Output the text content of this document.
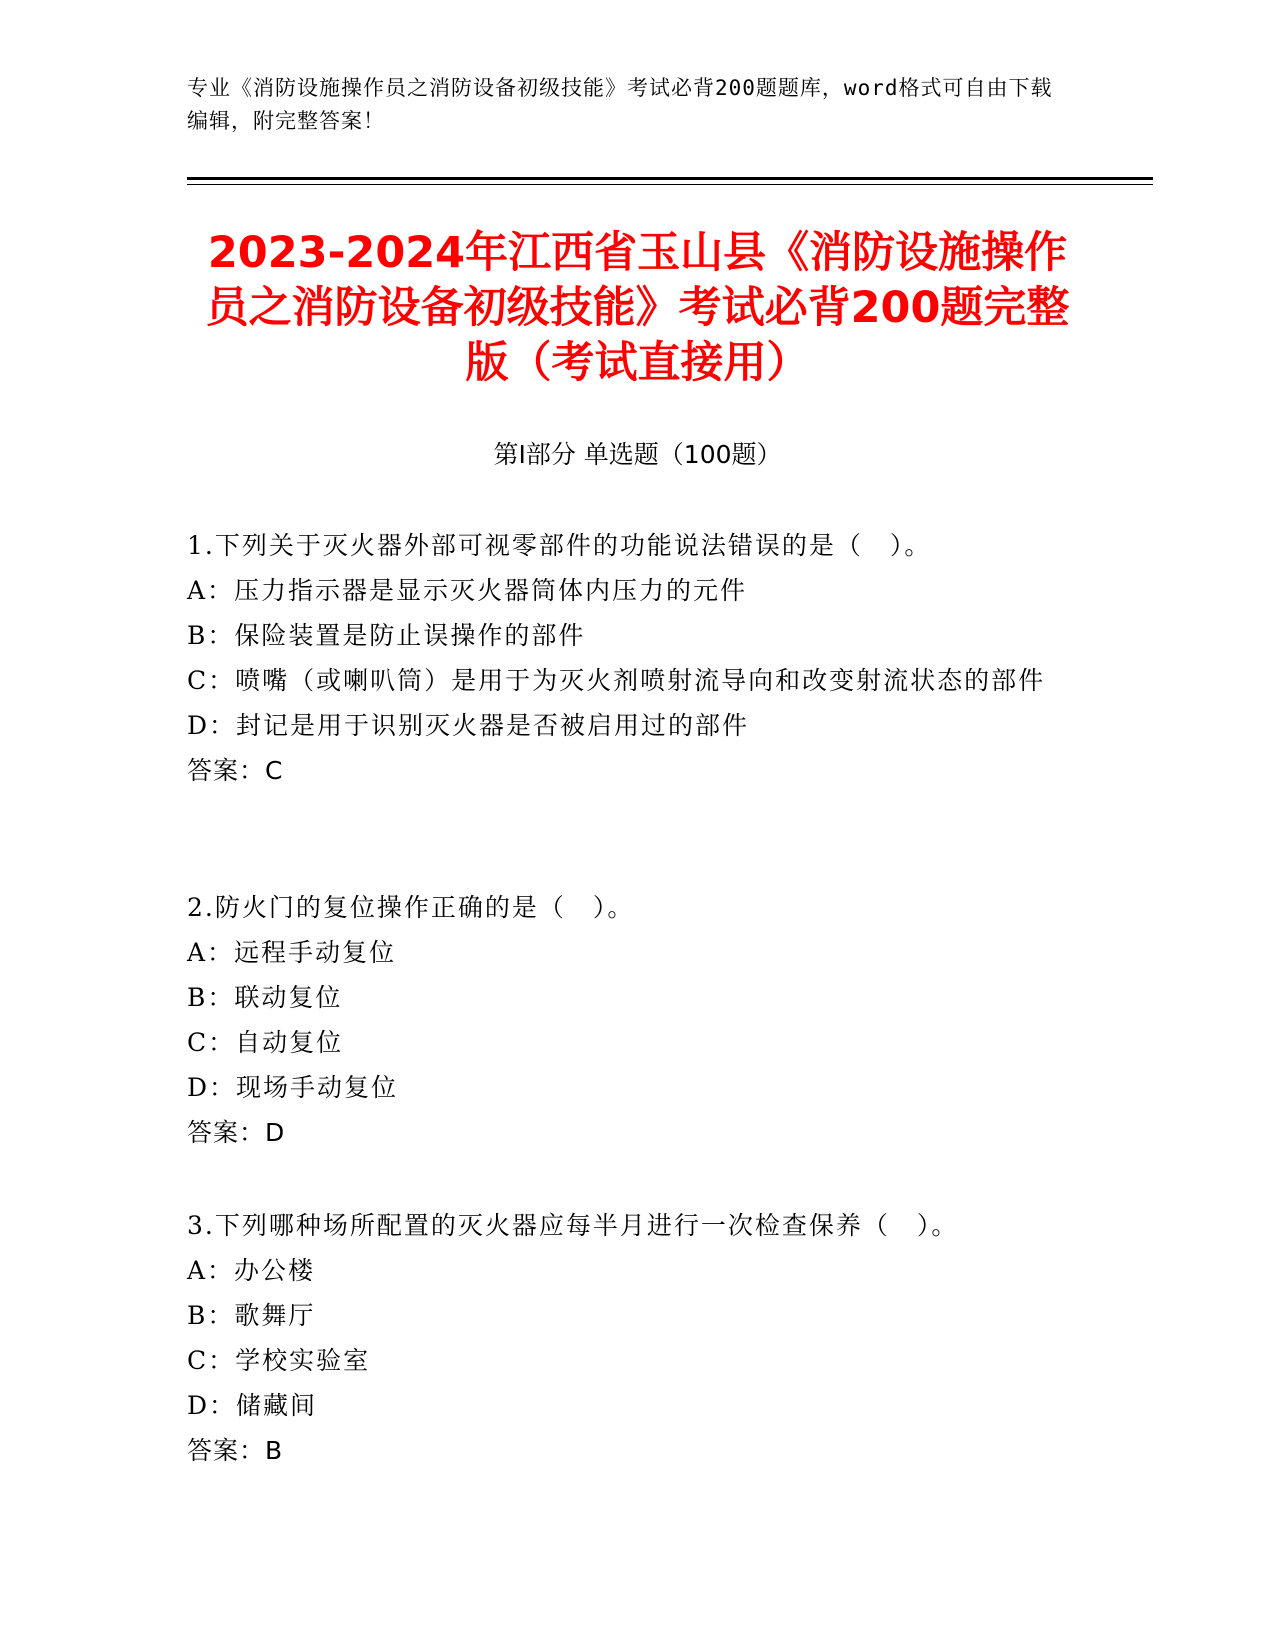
专业《消防设施操作员之消防设备初级技能》考试必背200题题库，word格式可自由下载编辑，附完整答案！
2023-2024年江西省玉山县《消防设施操作员之消防设备初级技能》考试必背200题完整版（考试直接用）
第Ⅰ部分 单选题（100题）
1.下列关于灭火器外部可视零部件的功能说法错误的是（　）。
A：压力指示器是显示灭火器筒体内压力的元件
B：保险装置是防止误操作的部件
C：喷嘴（或喇叭筒）是用于为灭火剂喷射流导向和改变射流状态的部件
D：封记是用于识别灭火器是否被启用过的部件
答案：C
2.防火门的复位操作正确的是（　）。
A：远程手动复位
B：联动复位
C：自动复位
D：现场手动复位
答案：D
3.下列哪种场所配置的灭火器应每半月进行一次检查保养（　）。
A：办公楼
B：歌舞厅
C：学校实验室
D：储藏间
答案：B
